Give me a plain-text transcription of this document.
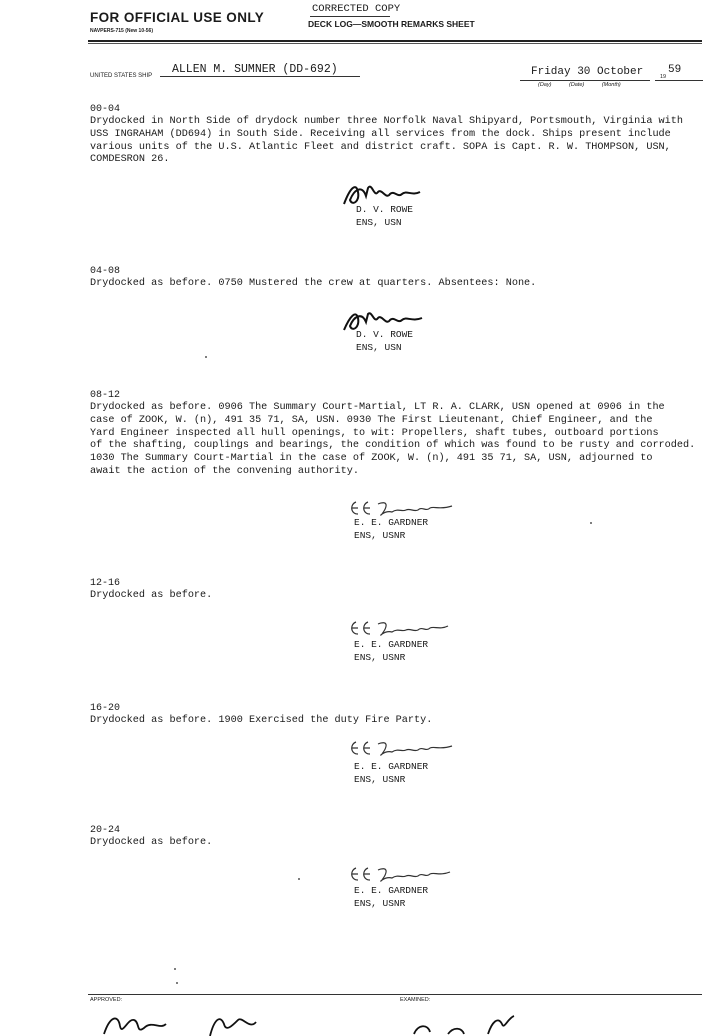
FOR OFFICIAL USE ONLY
NAVPERS-715 (New 10-56)
CORRECTED COPY
DECK LOG—SMOOTH REMARKS SHEET
UNITED STATES SHIP ALLEN M. SUMNER (DD-692)	Friday 30 October	19
59
(Day)	(Date)	(Month)
00-04
Drydocked in North Side of drydock number three Norfolk Naval Shipyard, Portsmouth, Virginia with
USS INGRAHAM (DD694) in South Side. Receiving all services from the dock. Ships present include
various units of the U.S. Atlantic Fleet and district craft. SOPA is Capt. R. W. THOMPSON, USN,
COMDESRON 26.
D. V. ROWE
ENS, USN
04-08
Drydocked as before. 0750 Mustered the crew at quarters. Absentees: None.
D. V. ROWE
ENS, USN
08-12
Drydocked as before. 0906 The Summary Court-Martial, LT R. A. CLARK, USN opened at 0906 in the
case of ZOOK, W. (n), 491 35 71, SA, USN. 0930 The First Lieutenant, Chief Engineer, and the
Yard Engineer inspected all hull openings, to wit: Propellers, shaft tubes, outboard portions
of the shafting, couplings and bearings, the condition of which was found to be rusty and corroded.
1030 The Summary Court-Martial in the case of ZOOK, W. (n), 491 35 71, SA, USN, adjourned to
await the action of the convening authority.
E. E. GARDNER
ENS, USNR
12-16
Drydocked as before.
E. E. GARDNER
ENS, USNR
16-20
Drydocked as before. 1900 Exercised the duty Fire Party.
E. E. GARDNER
ENS, USNR
20-24
Drydocked as before.
E. E. GARDNER
ENS, USNR
APPROVED:	EXAMINED:
